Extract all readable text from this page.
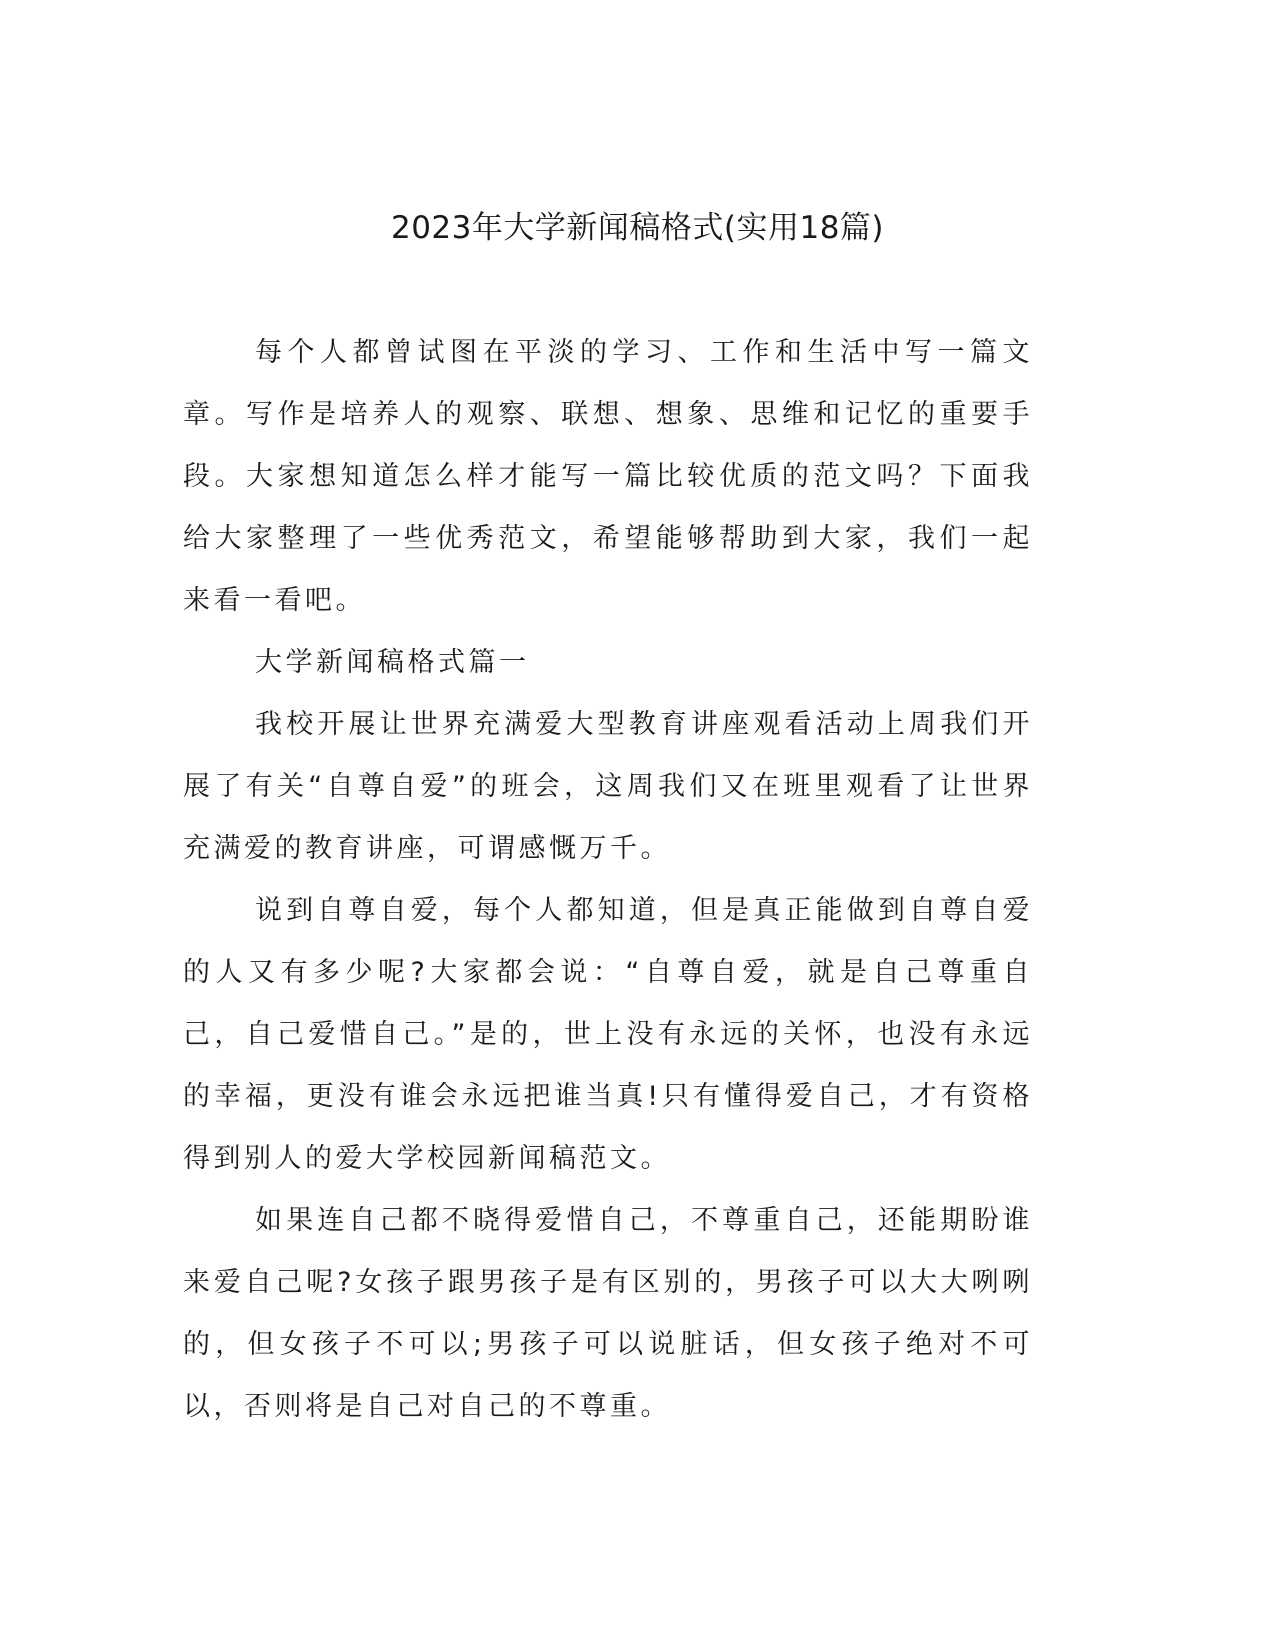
2023年大学新闻稿格式(实用18篇)

每个人都曾试图在平淡的学习、工作和生活中写一篇文章。写作是培养人的观察、联想、想象、思维和记忆的重要手段。大家想知道怎么样才能写一篇比较优质的范文吗？下面我给大家整理了一些优秀范文，希望能够帮助到大家，我们一起来看一看吧。

大学新闻稿格式篇一

我校开展让世界充满爱大型教育讲座观看活动上周我们开展了有关“自尊自爱”的班会，这周我们又在班里观看了让世界充满爱的教育讲座，可谓感慨万千。

说到自尊自爱，每个人都知道，但是真正能做到自尊自爱的人又有多少呢?大家都会说：“自尊自爱，就是自己尊重自己，自己爱惜自己。”是的，世上没有永远的关怀，也没有永远的幸福，更没有谁会永远把谁当真!只有懂得爱自己，才有资格得到别人的爱大学校园新闻稿范文。

如果连自己都不晓得爱惜自己，不尊重自己，还能期盼谁来爱自己呢?女孩子跟男孩子是有区别的，男孩子可以大大咧咧的，但女孩子不可以;男孩子可以说脏话，但女孩子绝对不可以，否则将是自己对自己的不尊重。
